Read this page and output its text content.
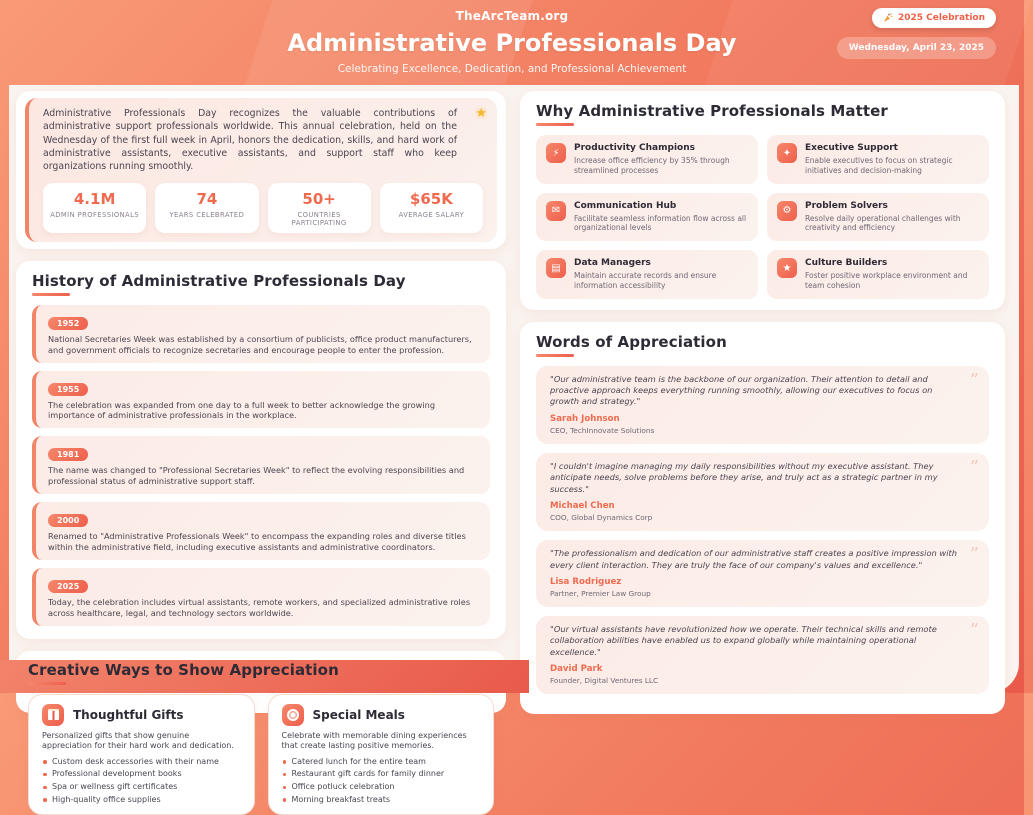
TheArcTeam.org
Administrative Professionals Day
Celebrating Excellence, Dedication, and Professional Achievement
2025 Celebration
Wednesday, April 23, 2025
★

Administrative Professionals Day recognizes the valuable contributions of administrative support professionals worldwide. This annual celebration, held on the Wednesday of the first full week in April, honors the dedication, skills, and hard work of administrative assistants, executive assistants, and support staff who keep organizations running smoothly.

4.1M
ADMIN PROFESSIONALS
74
YEARS CELEBRATED
50+
COUNTRIES PARTICIPATING
$65K
AVERAGE SALARY
History of Administrative Professionals Day
1952
National Secretaries Week was established by a consortium of publicists, office product manufacturers, and government officials to recognize secretaries and encourage people to enter the profession.
1955
The celebration was expanded from one day to a full week to better acknowledge the growing importance of administrative professionals in the workplace.
1981
The name was changed to "Professional Secretaries Week" to reflect the evolving responsibilities and professional status of administrative support staff.
2000
Renamed to "Administrative Professionals Week" to encompass the expanding roles and diverse titles within the administrative field, including executive assistants and administrative coordinators.
2025
Today, the celebration includes virtual assistants, remote workers, and specialized administrative roles across healthcare, legal, and technology sectors worldwide.
Creative Ways to Show Appreciation
Thoughtful Gifts

Personalized gifts that show genuine appreciation for their hard work and dedication.

Custom desk accessories with their name
Professional development books
Spa or wellness gift certificates
High-quality office supplies
Special Meals

Celebrate with memorable dining experiences that create lasting positive memories.

Catered lunch for the entire team
Restaurant gift cards for family dinner
Office potluck celebration
Morning breakfast treats
Why Administrative Professionals Matter
⚡	Productivity Champions
Increase office efficiency by 35% through streamlined processes
✦	Executive Support
Enable executives to focus on strategic initiatives and decision-making
✉	Communication Hub
Facilitate seamless information flow across all organizational levels
⚙	Problem Solvers
Resolve daily operational challenges with creativity and efficiency
▤	Data Managers
Maintain accurate records and ensure information accessibility
★	Culture Builders
Foster positive workplace environment and team cohesion
Words of Appreciation
”

"Our administrative team is the backbone of our organization. Their attention to detail and proactive approach keeps everything running smoothly, allowing our executives to focus on growth and strategy."

Sarah Johnson
CEO, TechInnovate Solutions
”

"I couldn't imagine managing my daily responsibilities without my executive assistant. They anticipate needs, solve problems before they arise, and truly act as a strategic partner in my success."

Michael Chen
COO, Global Dynamics Corp
”

"The professionalism and dedication of our administrative staff creates a positive impression with every client interaction. They are truly the face of our company's values and excellence."

Lisa Rodriguez
Partner, Premier Law Group
”

"Our virtual assistants have revolutionized how we operate. Their technical skills and remote collaboration abilities have enabled us to expand globally while maintaining operational excellence."

David Park
Founder, Digital Ventures LLC
